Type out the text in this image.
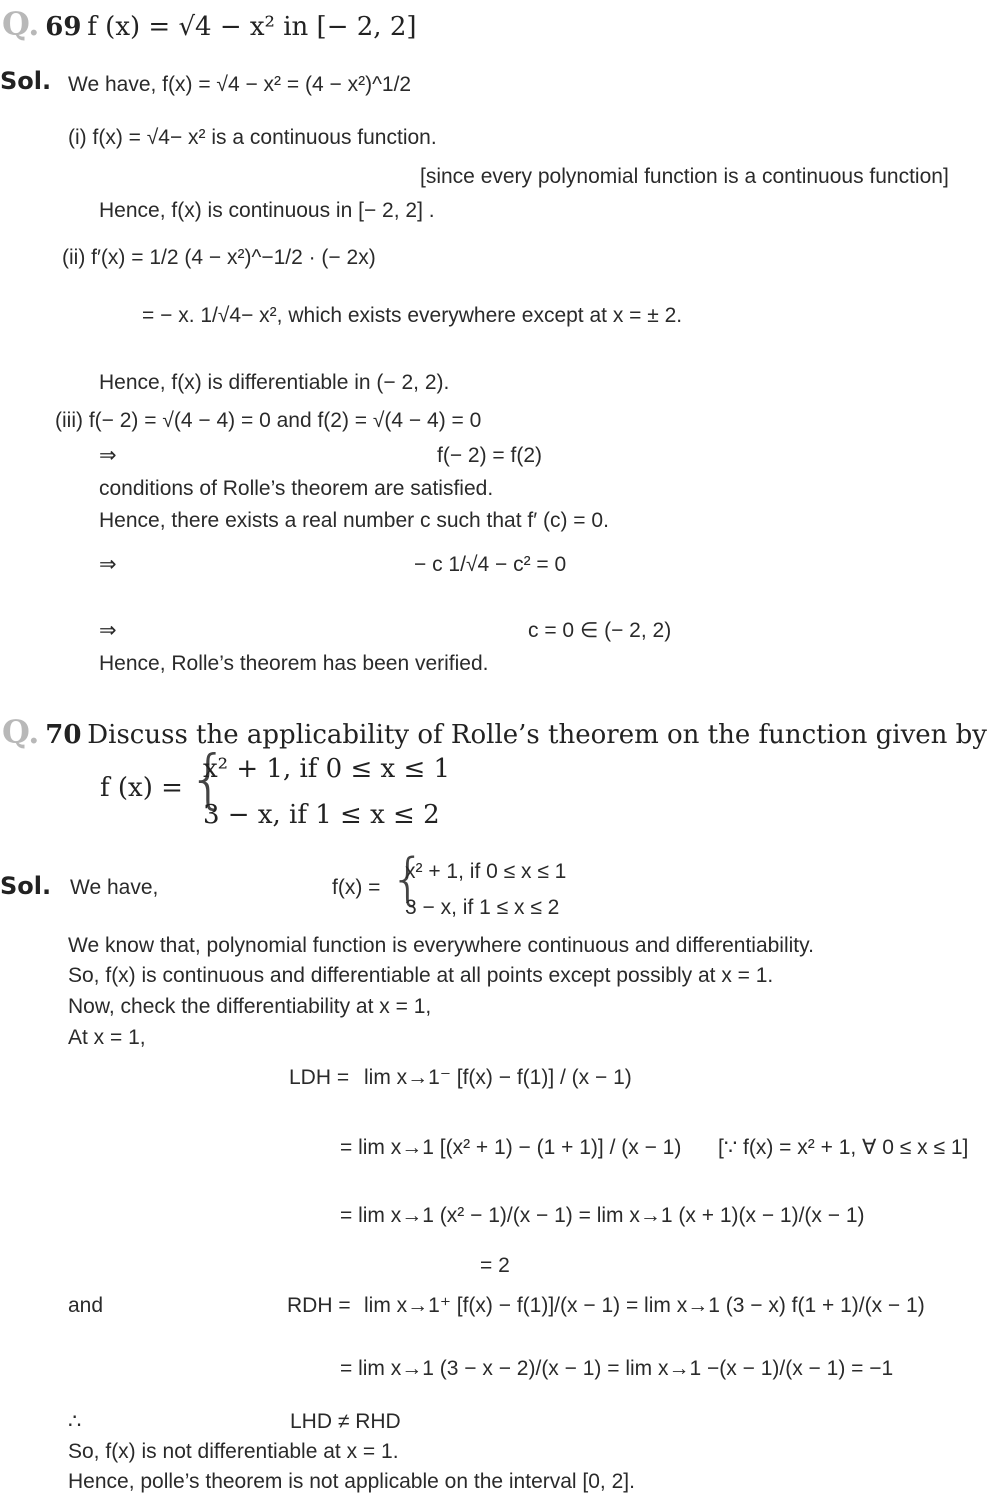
Q. 69 f (x) = √4 − x² in [− 2, 2]
Sol. We have, f(x) = √4 − x² = (4 − x²)^1/2
(i) f(x) = √4− x² is a continuous function.
[since every polynomial function is a continuous function]
Hence, f(x) is continuous in [− 2, 2] .
(ii) f′(x) = 1/2 (4 − x²)^−1/2 · (− 2x)
= − x. 1/√4− x², which exists everywhere except at x = ± 2.
Hence, f(x) is differentiable in (− 2, 2).
(iii) f(− 2) = √(4 − 4) = 0 and f(2) = √(4 − 4) = 0
⇒	f(− 2) = f(2)
conditions of Rolle’s theorem are satisfied.
Hence, there exists a real number c such that f′ (c) = 0.
⇒	− c 1/√4 − c² = 0
⇒	c = 0 ∈ (− 2, 2)
Hence, Rolle’s theorem has been verified.
Q. 70 Discuss the applicability of Rolle’s theorem on the function given by
f (x) = {
x² + 1, if 0 ≤ x ≤ 1
3 − x, if 1 ≤ x ≤ 2
Sol. We have,	f(x) = {
x² + 1, if 0 ≤ x ≤ 1
3 − x, if 1 ≤ x ≤ 2
We know that, polynomial function is everywhere continuous and differentiability.
So, f(x) is continuous and differentiable at all points except possibly at x = 1.
Now, check the differentiability at x = 1,
At x = 1,
LDH = lim x→1⁻ [f(x) − f(1)] / (x − 1)
= lim x→1 [(x² + 1) − (1 + 1)] / (x − 1) [∵ f(x) = x² + 1, ∀ 0 ≤ x ≤ 1]
= lim x→1 (x² − 1)/(x − 1) = lim x→1 (x + 1)(x − 1)/(x − 1)
= 2
and	RDH = lim x→1⁺ [f(x) − f(1)]/(x − 1) = lim x→1 (3 − x) f(1 + 1)/(x − 1)
= lim x→1 (3 − x − 2)/(x − 1) = lim x→1 −(x − 1)/(x − 1) = −1
∴	LHD ≠ RHD
So, f(x) is not differentiable at x = 1.
Hence, polle’s theorem is not applicable on the interval [0, 2].
